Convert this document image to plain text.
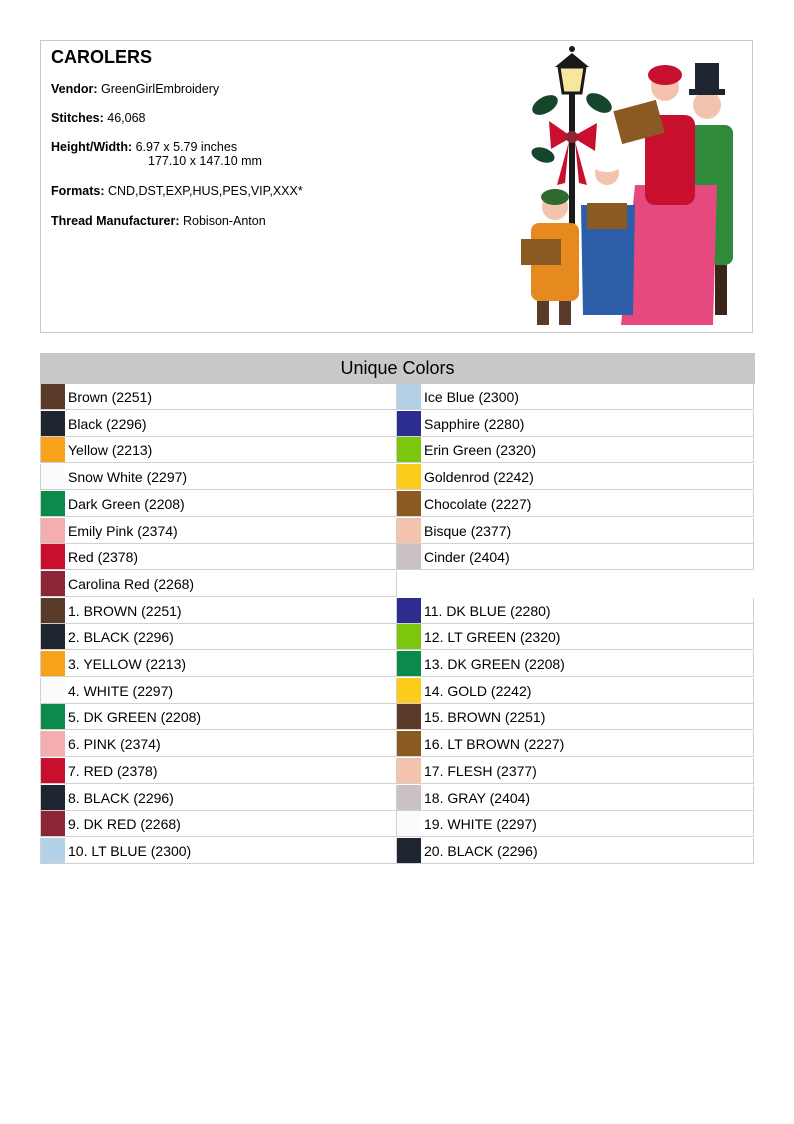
CAROLERS
Vendor: GreenGirlEmbroidery
Stitches: 46,068
Height/Width: 6.97 x 5.79 inches
177.10 x 147.10 mm
Formats: CND,DST,EXP,HUS,PES,VIP,XXX*
Thread Manufacturer: Robison-Anton
Unique Colors
Brown (2251)
Black (2296)
Yellow (2213)
Snow White (2297)
Dark Green (2208)
Emily Pink (2374)
Red (2378)
Carolina Red (2268)
Ice Blue (2300)
Sapphire (2280)
Erin Green (2320)
Goldenrod (2242)
Chocolate (2227)
Bisque (2377)
Cinder (2404)
1. BROWN (2251)
2. BLACK (2296)
3. YELLOW (2213)
4. WHITE (2297)
5. DK GREEN (2208)
6. PINK (2374)
7. RED (2378)
8. BLACK (2296)
9. DK RED (2268)
10. LT BLUE (2300)
11. DK BLUE (2280)
12. LT GREEN (2320)
13. DK GREEN (2208)
14. GOLD (2242)
15. BROWN (2251)
16. LT BROWN (2227)
17. FLESH (2377)
18. GRAY (2404)
19. WHITE (2297)
20. BLACK (2296)
